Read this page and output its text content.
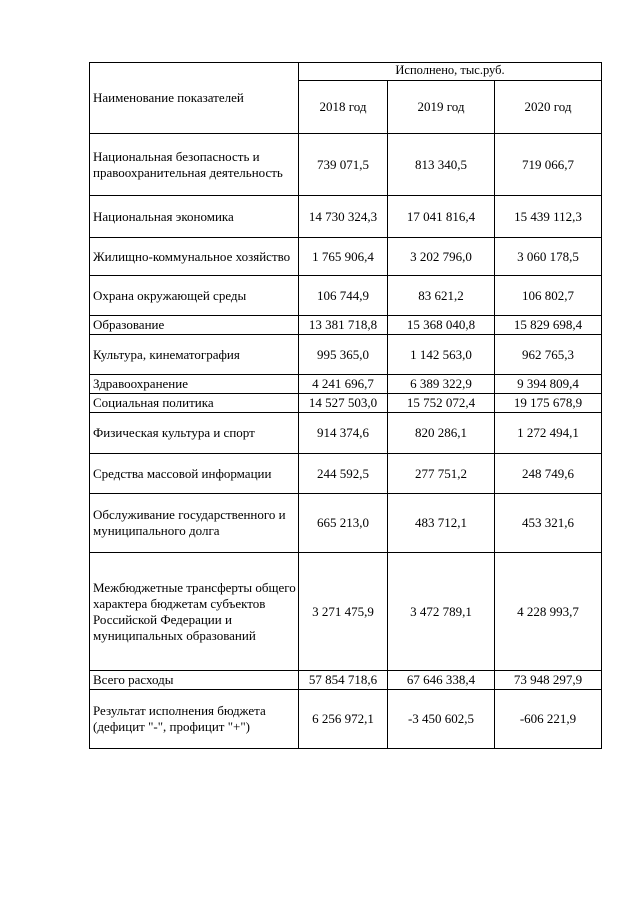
Наименование показателей	Исполнено, тыс.руб.		
	2018 год	2019 год	2020 год
Национальная безопасность и правоохранительная деятельность	739 071,5	813 340,5	719 066,7
Национальная экономика	14 730 324,3	17 041 816,4	15 439 112,3
Жилищно-коммунальное хозяйство	1 765 906,4	3 202 796,0	3 060 178,5
Охрана окружающей среды	106 744,9	83 621,2	106 802,7
Образование	13 381 718,8	15 368 040,8	15 829 698,4
Культура, кинематография	995 365,0	1 142 563,0	962 765,3
Здравоохранение	4 241 696,7	6 389 322,9	9 394 809,4
Социальная политика	14 527 503,0	15 752 072,4	19 175 678,9
Физическая культура и спорт	914 374,6	820 286,1	1 272 494,1
Средства массовой информации	244 592,5	277 751,2	248 749,6
Обслуживание государственного и муниципального долга	665 213,0	483 712,1	453 321,6
Межбюджетные трансферты общего характера бюджетам субъектов Российской Федерации и муниципальных образований	3 271 475,9	3 472 789,1	4 228 993,7
Всего расходы	57 854 718,6	67 646 338,4	73 948 297,9
Результат исполнения бюджета (дефицит "-", профицит "+")	6 256 972,1	-3 450 602,5	-606 221,9
